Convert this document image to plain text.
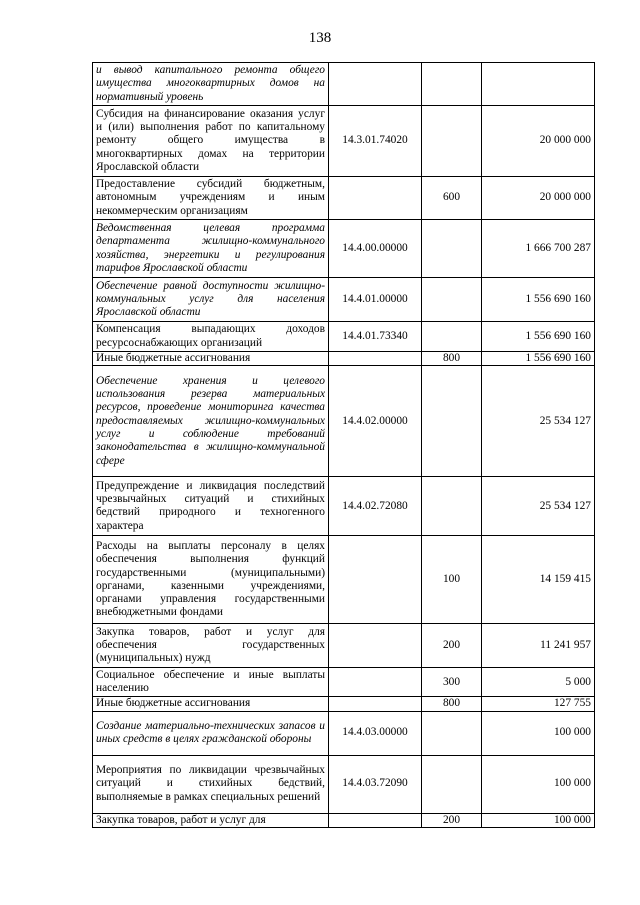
138
и вывод капитального ремонта общего имущества многоквартирных домов на нормативный уровень			
Субсидия на финансирование оказания услуг и (или) выполнения работ по капитальному ремонту общего имущества в многоквартирных домах на территории Ярославской области	14.3.01.74020		20 000 000
Предоставление субсидий бюджетным, автономным учреждениям и иным некоммерческим организациям		600	20 000 000
Ведомственная целевая программа департамента жилищно-коммунального хозяйства, энергетики и регулирования тарифов Ярославской области	14.4.00.00000		1 666 700 287
Обеспечение равной доступности жилищно-коммунальных услуг для населения Ярославской области	14.4.01.00000		1 556 690 160
Компенсация выпадающих доходов ресурсоснабжающих организаций	14.4.01.73340		1 556 690 160
Иные бюджетные ассигнования		800	1 556 690 160
Обеспечение хранения и целевого использования резерва материальных ресурсов, проведение мониторинга качества предоставляемых жилищно-коммунальных услуг и соблюдение требований законодательства в жилищно-коммунальной сфере	14.4.02.00000		25 534 127
Предупреждение и ликвидация последствий чрезвычайных ситуаций и стихийных бедствий природного и техногенного характера	14.4.02.72080		25 534 127
Расходы на выплаты персоналу в целях обеспечения выполнения функций государственными (муниципальными) органами, казенными учреждениями, органами управления государственными внебюджетными фондами		100	14 159 415
Закупка товаров, работ и услуг для обеспечения государственных (муниципальных) нужд		200	11 241 957
Социальное обеспечение и иные выплаты населению		300	5 000
Иные бюджетные ассигнования		800	127 755
Создание материально-технических запасов и иных средств в целях гражданской обороны	14.4.03.00000		100 000
Мероприятия по ликвидации чрезвычайных ситуаций и стихийных бедствий, выполняемые в рамках специальных решений	14.4.03.72090		100 000
Закупка товаров, работ и услуг для		200	100 000
